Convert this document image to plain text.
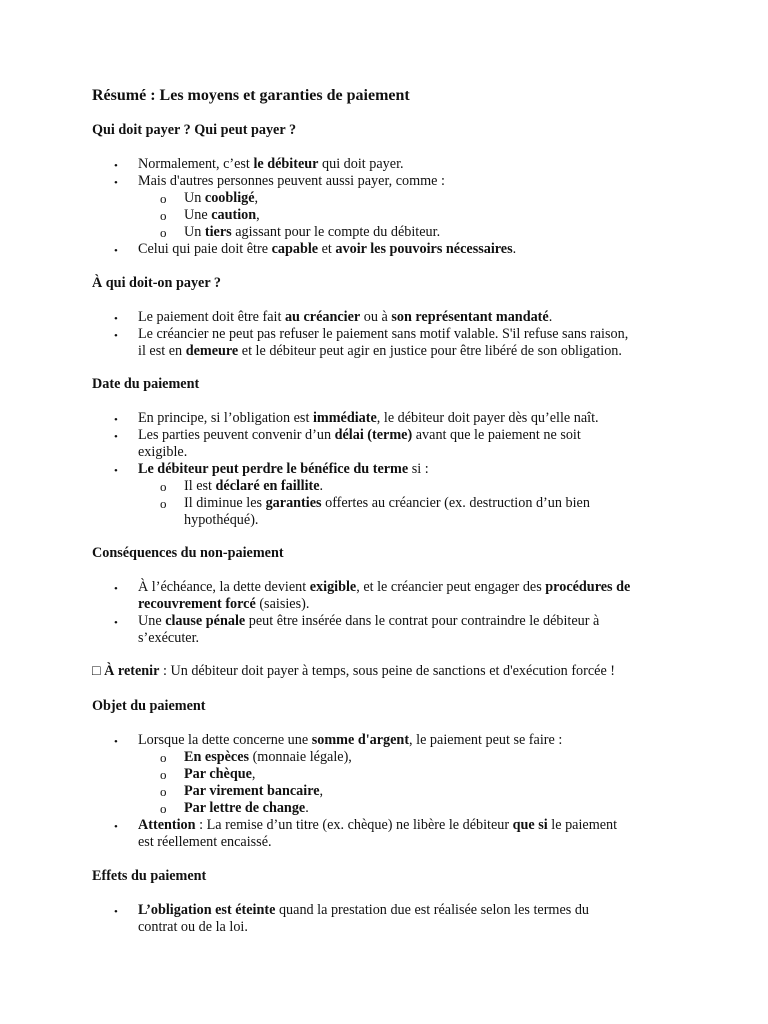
Résumé : Les moyens et garanties de paiement
Qui doit payer ? Qui peut payer ?
• Normalement, c’est le débiteur qui doit payer.
• Mais d'autres personnes peuvent aussi payer, comme :
o Un coobligé,
o Une caution,
o Un tiers agissant pour le compte du débiteur.
• Celui qui paie doit être capable et avoir les pouvoirs nécessaires.
À qui doit-on payer ?
• Le paiement doit être fait au créancier ou à son représentant mandaté.
• Le créancier ne peut pas refuser le paiement sans motif valable. S'il refuse sans raison,
il est en demeure et le débiteur peut agir en justice pour être libéré de son obligation.
Date du paiement
• En principe, si l’obligation est immédiate, le débiteur doit payer dès qu’elle naît.
• Les parties peuvent convenir d’un délai (terme) avant que le paiement ne soit
exigible.
• Le débiteur peut perdre le bénéfice du terme si :
o Il est déclaré en faillite.
o Il diminue les garanties offertes au créancier (ex. destruction d’un bien
hypothéqué).
Conséquences du non-paiement
• À l’échéance, la dette devient exigible, et le créancier peut engager des procédures de
recouvrement forcé (saisies).
• Une clause pénale peut être insérée dans le contrat pour contraindre le débiteur à
s’exécuter.
□ À retenir : Un débiteur doit payer à temps, sous peine de sanctions et d'exécution forcée !
Objet du paiement
• Lorsque la dette concerne une somme d'argent, le paiement peut se faire :
o En espèces (monnaie légale),
o Par chèque,
o Par virement bancaire,
o Par lettre de change.
• Attention : La remise d’un titre (ex. chèque) ne libère le débiteur que si le paiement
est réellement encaissé.
Effets du paiement
• L’obligation est éteinte quand la prestation due est réalisée selon les termes du
contrat ou de la loi.
